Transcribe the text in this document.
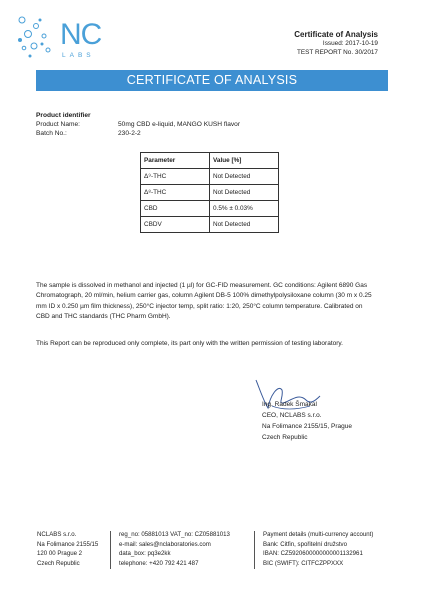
NC
LABS
Certificate of Analysis
Issued: 2017-10-19
TEST REPORT No. 30/2017
CERTIFICATE OF ANALYSIS
Product identifier
Product Name:	50mg CBD e-liquid, MANGO KUSH flavor
Batch No.:	230-2-2
Parameter	Value [%]
Δ⁹-THC	Not Detected
Δ⁸-THC	Not Detected
CBD	0.5% ± 0.03%
CBDV	Not Detected
The sample is dissolved in methanol and injected (1 µl) for GC-FID measurement. GC conditions: Agilent 6890 Gas Chromatograph, 20 ml/min, helium carrier gas, column Agilent DB-5 100% dimethylpolysiloxane column (30 m x 0.25 mm ID x 0.250 µm film thickness), 250°C injector temp, split ratio: 1:20, 250°C column temperature. Calibrated on CBD and THC standards (THC Pharm GmbH).
This Report can be reproduced only complete, its part only with the written permission of testing laboratory.
Ing. Radek Šmakal
CEO, NCLABS s.r.o.
Na Folimance 2155/15, Prague
Czech Republic
NCLABS s.r.o.
Na Folimance 2155/15
120 00 Prague 2
Czech Republic
reg_no: 05881013 VAT_no: CZ05881013
e-mail: sales@nclaboratories.com
data_box: pq3e2kk
telephone: +420 792 421 487
Payment details (multi-currency account)
Bank: Citfin, spořitelní družstvo
IBAN: CZ5920600000000001132961
BIC (SWIFT): CITFCZPPXXX
